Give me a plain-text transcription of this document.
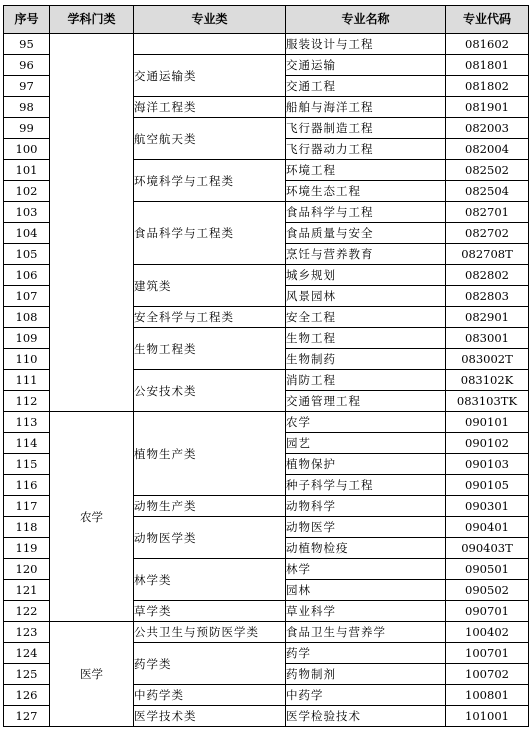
序号	学科门类	专业类	专业名称	专业代码
95			服装设计与工程	081602
96		交通运输类	交通运输	081801
97			交通工程	081802
98		海洋工程类	船舶与海洋工程	081901
99		航空航天类	飞行器制造工程	082003
100			飞行器动力工程	082004
101		环境科学与工程类	环境工程	082502
102			环境生态工程	082504
103		食品科学与工程类	食品科学与工程	082701
104			食品质量与安全	082702
105			烹饪与营养教育	082708T
106		建筑类	城乡规划	082802
107			风景园林	082803
108		安全科学与工程类	安全工程	082901
109		生物工程类	生物工程	083001
110			生物制药	083002T
111		公安技术类	消防工程	083102K
112			交通管理工程	083103TK
113	农学	植物生产类	农学	090101
114			园艺	090102
115			植物保护	090103
116			种子科学与工程	090105
117		动物生产类	动物科学	090301
118		动物医学类	动物医学	090401
119			动植物检疫	090403T
120		林学类	林学	090501
121			园林	090502
122		草学类	草业科学	090701
123	医学	公共卫生与预防医学类	食品卫生与营养学	100402
124		药学类	药学	100701
125			药物制剂	100702
126		中药学类	中药学	100801
127		医学技术类	医学检验技术	101001
